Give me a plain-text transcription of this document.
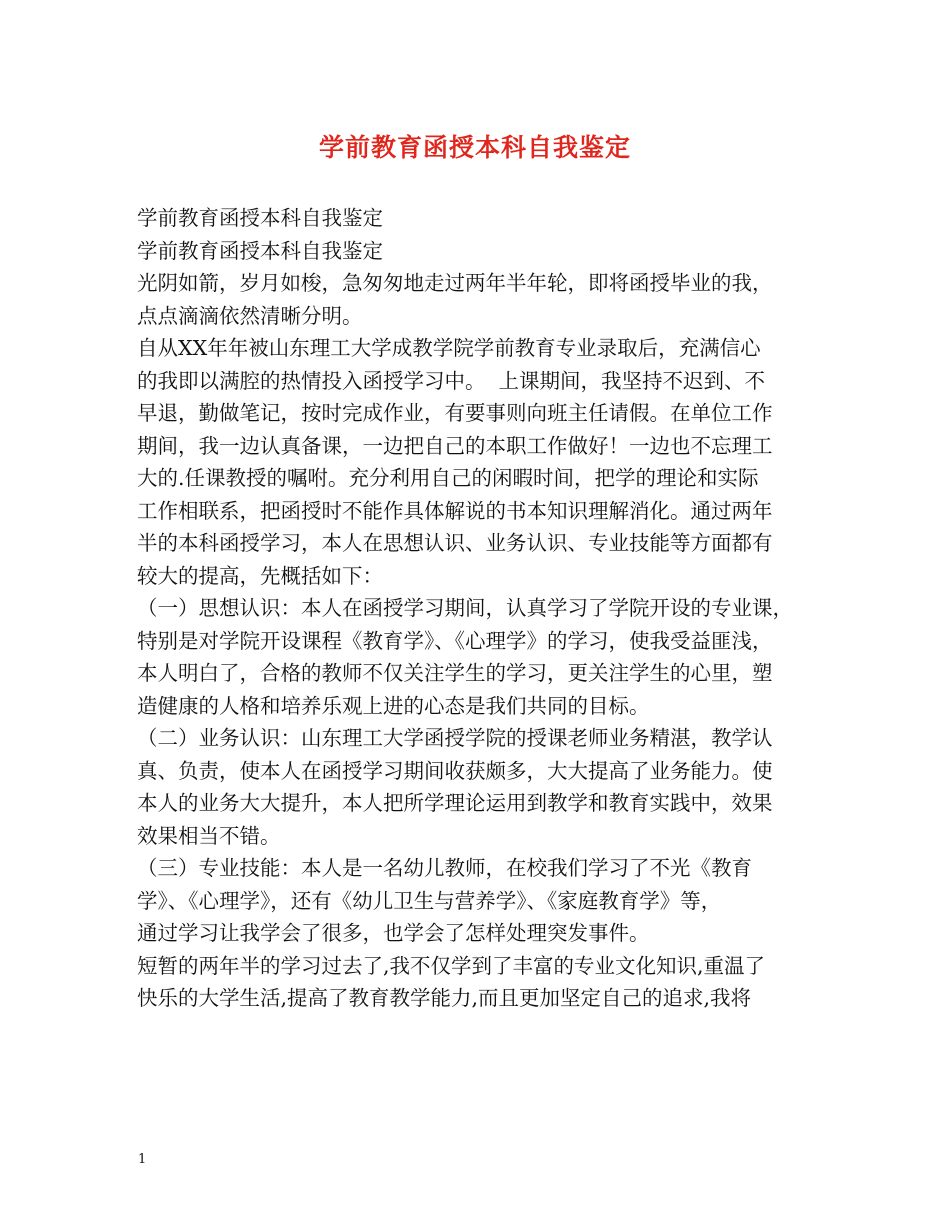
学前教育函授本科自我鉴定

学前教育函授本科自我鉴定

学前教育函授本科自我鉴定

光阴如箭，岁月如梭，急匆匆地走过两年半年轮，即将函授毕业的我，

点点滴滴依然清晰分明。

自从XX年年被山东理工大学成教学院学前教育专业录取后，充满信心

的我即以满腔的热情投入函授学习中。  上课期间，我坚持不迟到、不

早退，勤做笔记，按时完成作业，有要事则向班主任请假。在单位工作

期间，我一边认真备课，一边把自己的本职工作做好！一边也不忘理工

大的.任课教授的嘱咐。充分利用自己的闲暇时间，把学的理论和实际

工作相联系，把函授时不能作具体解说的书本知识理解消化。通过两年

半的本科函授学习，本人在思想认识、业务认识、专业技能等方面都有

较大的提高，先概括如下：

（一）思想认识：本人在函授学习期间，认真学习了学院开设的专业课，

特别是对学院开设课程《教育学》、《心理学》的学习，使我受益匪浅，

本人明白了，合格的教师不仅关注学生的学习，更关注学生的心里，塑

造健康的人格和培养乐观上进的心态是我们共同的目标。

（二）业务认识：山东理工大学函授学院的授课老师业务精湛，教学认

真、负责，使本人在函授学习期间收获颇多，大大提高了业务能力。使

本人的业务大大提升，本人把所学理论运用到教学和教育实践中，效果

效果相当不错。

（三）专业技能：本人是一名幼儿教师，在校我们学习了不光《教育

学》、《心理学》，还有《幼儿卫生与营养学》、《家庭教育学》等，

通过学习让我学会了很多，也学会了怎样处理突发事件。

短暂的两年半的学习过去了,我不仅学到了丰富的专业文化知识,重温了

快乐的大学生活,提高了教育教学能力,而且更加坚定自己的追求,我将

1
